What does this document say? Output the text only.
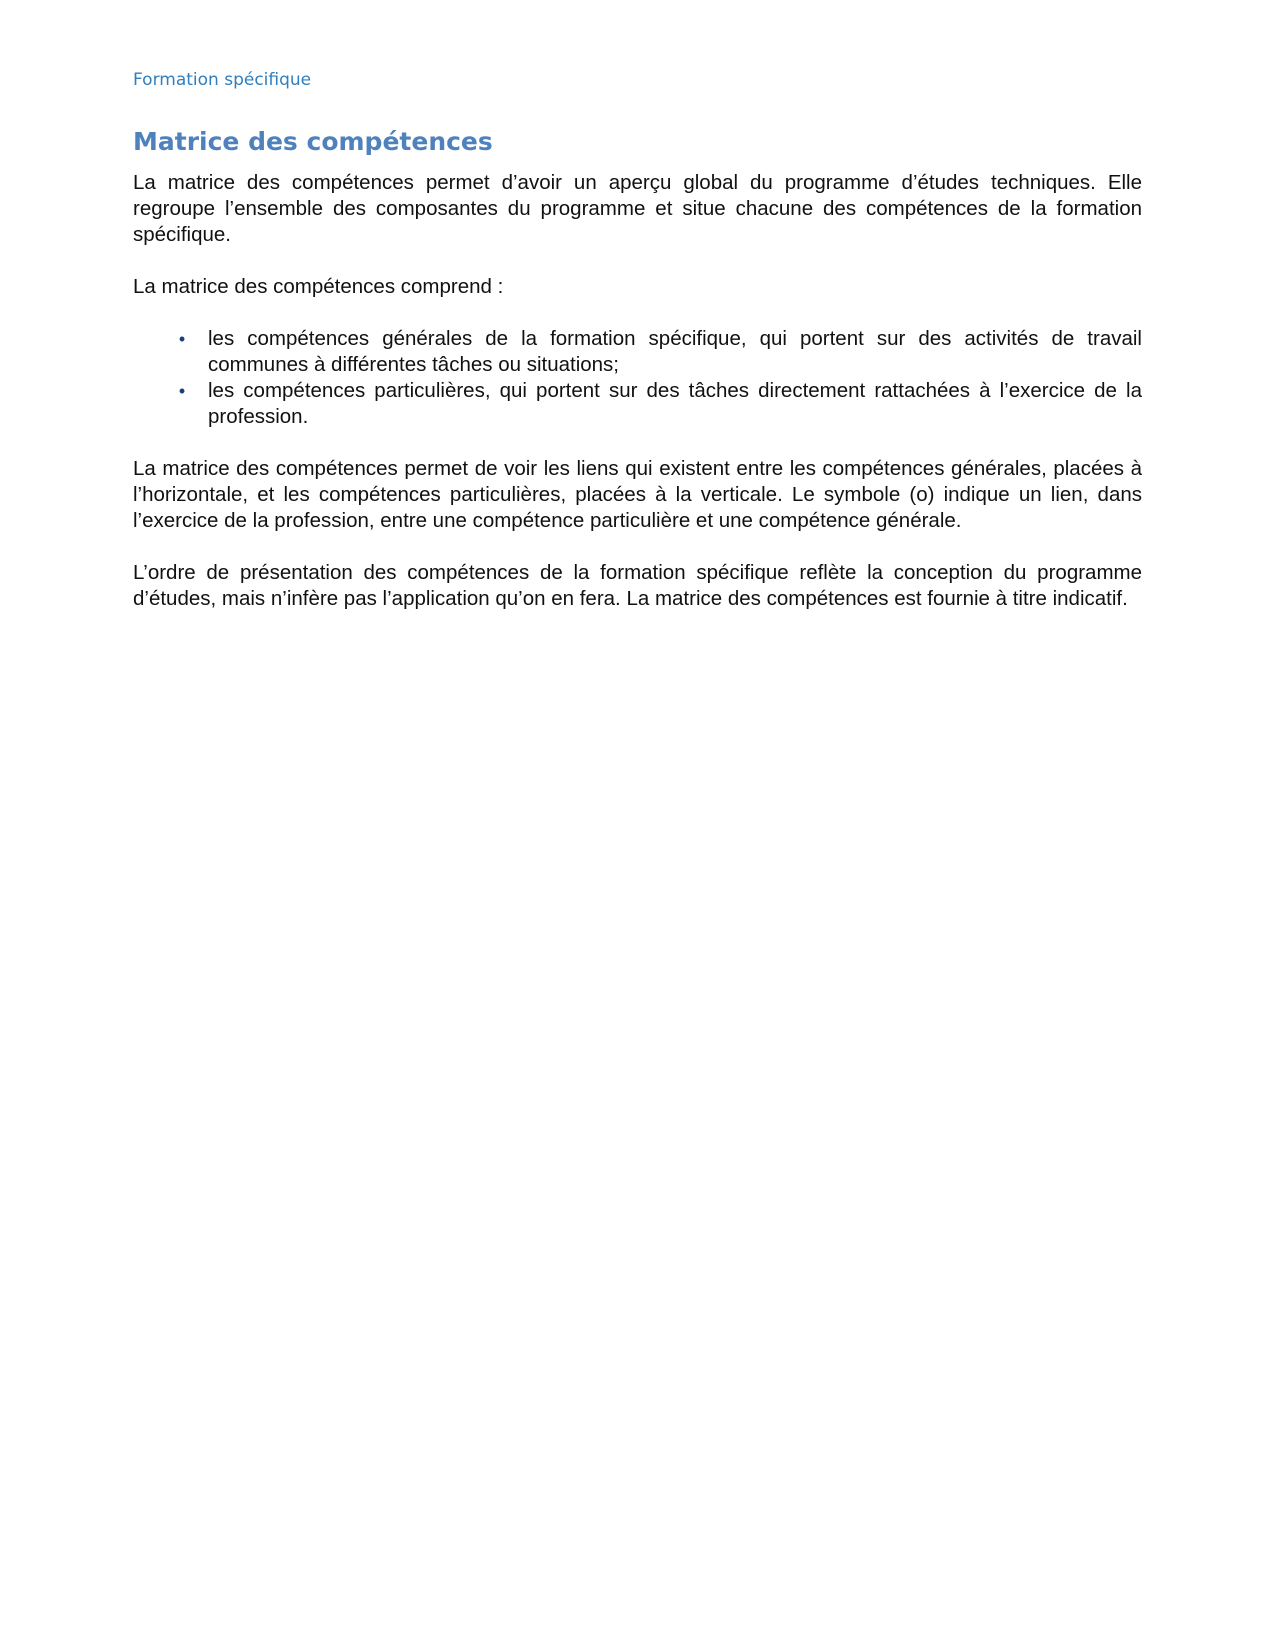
Formation spécifique

Matrice des compétences

La matrice des compétences permet d’avoir un aperçu global du programme d’études techniques. Elle regroupe l’ensemble des composantes du programme et situe chacune des compétences de la formation spécifique.

La matrice des compétences comprend :

•	les compétences générales de la formation spécifique, qui portent sur des activités de travail communes à différentes tâches ou situations;
•	les compétences particulières, qui portent sur des tâches directement rattachées à l’exercice de la profession.

La matrice des compétences permet de voir les liens qui existent entre les compétences générales, placées à l’horizontale, et les compétences particulières, placées à la verticale. Le symbole (o) indique un lien, dans l’exercice de la profession, entre une compétence particulière et une compétence générale.

L’ordre de présentation des compétences de la formation spécifique reflète la conception du programme d’études, mais n’infère pas l’application qu’on en fera. La matrice des compétences est fournie à titre indicatif.
